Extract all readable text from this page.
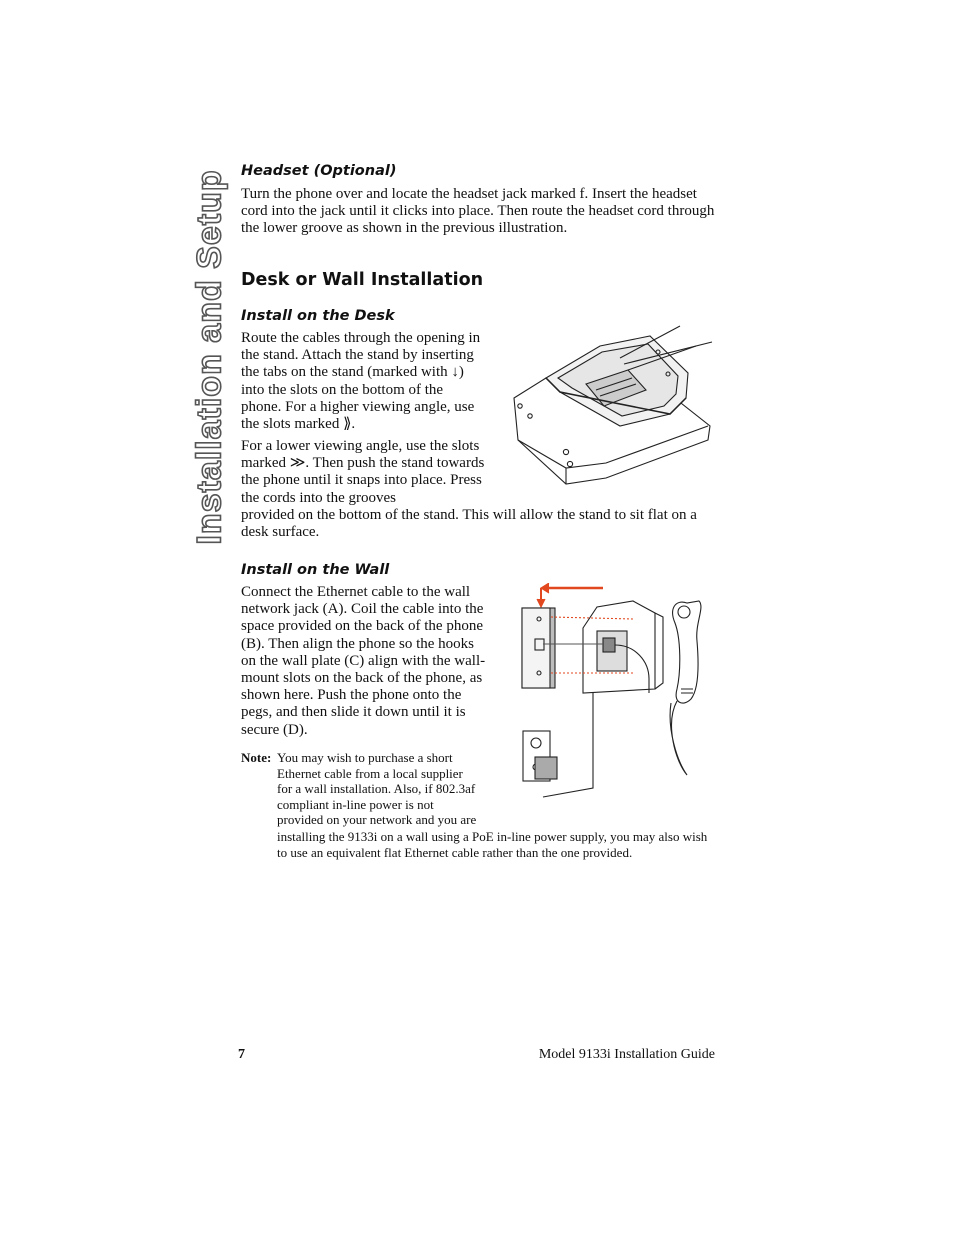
Installation and Setup Headset (Optional)

Turn the phone over and locate the headset jack marked f. Insert the headset cord into the jack until it clicks into place. Then route the headset cord through the lower groove as shown in the previous illustration.

Desk or Wall Installation
Install on the Desk

Route the cables through the opening in the stand. Attach the stand by inserting the tabs on the stand (marked with ↓) into the slots on the bottom of the phone. For a higher viewing angle, use the slots marked ⟫.

For a lower viewing angle, use the slots marked ≫. Then push the stand towards the phone until it snaps into place. Press the cords into the grooves

provided on the bottom of the stand. This will allow the stand to sit flat on a desk surface.

Install on the Wall

Connect the Ethernet cable to the wall network jack (A). Coil the cable into the space provided on the back of the phone (B). Then align the phone so the hooks on the wall plate (C) align with the wall-mount slots on the back of the phone, as shown here. Push the phone onto the pegs, and then slide it down until it is secure (D).

Note: You may wish to purchase a short Ethernet cable from a local supplier for a wall installation. Also, if 802.3af compliant in-line power is not provided on your network and you are
installing the 9133i on a wall using a PoE in-line power supply, you may also wish to use an equivalent flat Ethernet cable rather than the one provided.
7	Model 9133i Installation Guide
